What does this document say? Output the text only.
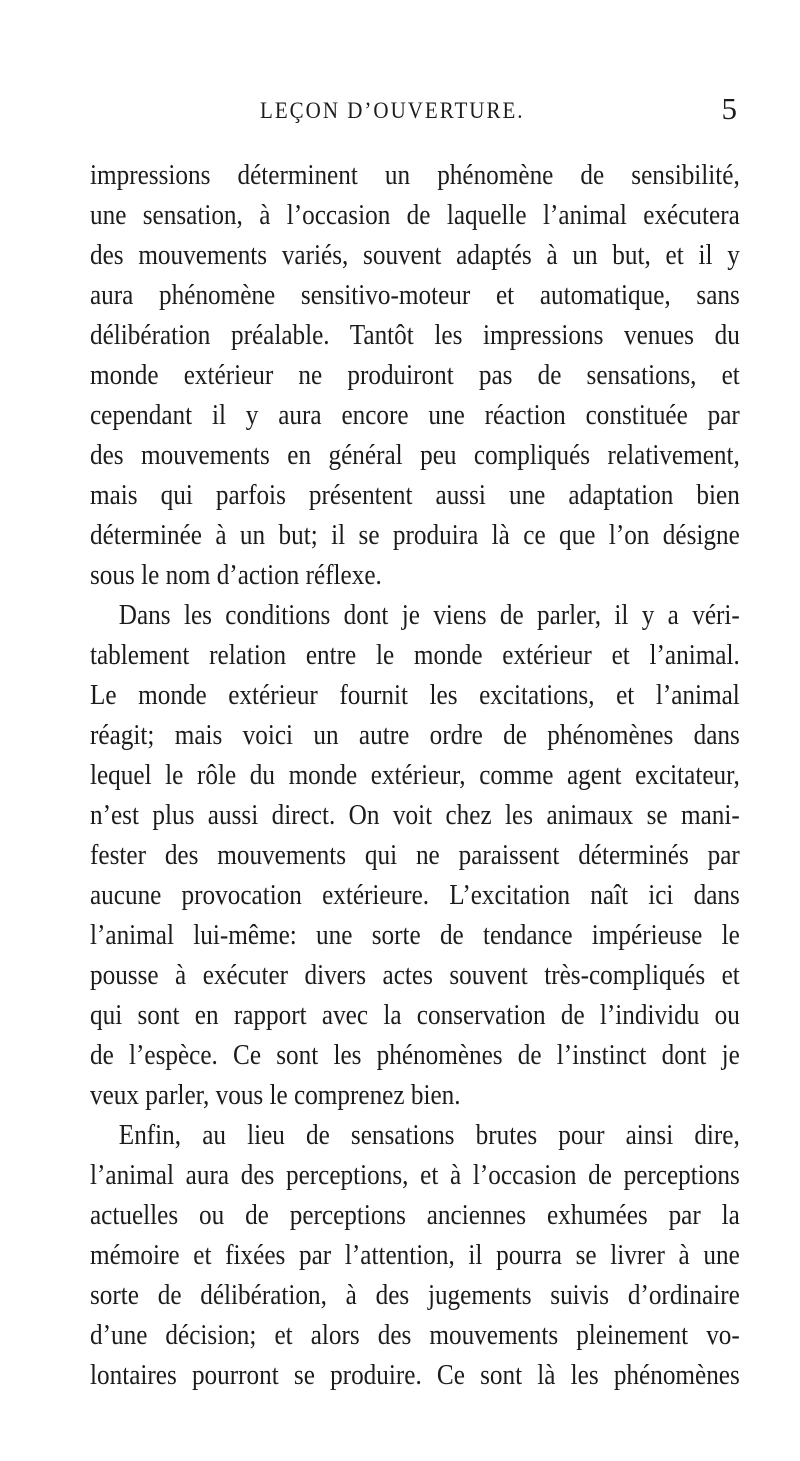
LEÇON D’OUVERTURE.	5
impressions déterminent un phénomène de sensibilité,
une sensation, à l’occasion de laquelle l’animal exécutera
des mouvements variés, souvent adaptés à un but, et il y
aura phénomène sensitivo-moteur et automatique, sans
délibération préalable. Tantôt les impressions venues du
monde extérieur ne produiront pas de sensations, et
cependant il y aura encore une réaction constituée par
des mouvements en général peu compliqués relativement,
mais qui parfois présentent aussi une adaptation bien
déterminée à un but; il se produira là ce que l’on désigne
sous le nom d’action réflexe.
Dans les conditions dont je viens de parler, il y a véri-
tablement relation entre le monde extérieur et l’animal.
Le monde extérieur fournit les excitations, et l’animal
réagit; mais voici un autre ordre de phénomènes dans
lequel le rôle du monde extérieur, comme agent excitateur,
n’est plus aussi direct. On voit chez les animaux se mani-
fester des mouvements qui ne paraissent déterminés par
aucune provocation extérieure. L’excitation naît ici dans
l’animal lui-même: une sorte de tendance impérieuse le
pousse à exécuter divers actes souvent très-compliqués et
qui sont en rapport avec la conservation de l’individu ou
de l’espèce. Ce sont les phénomènes de l’instinct dont je
veux parler, vous le comprenez bien.
Enfin, au lieu de sensations brutes pour ainsi dire,
l’animal aura des perceptions, et à l’occasion de perceptions
actuelles ou de perceptions anciennes exhumées par la
mémoire et fixées par l’attention, il pourra se livrer à une
sorte de délibération, à des jugements suivis d’ordinaire
d’une décision; et alors des mouvements pleinement vo-
lontaires pourront se produire. Ce sont là les phénomènes
